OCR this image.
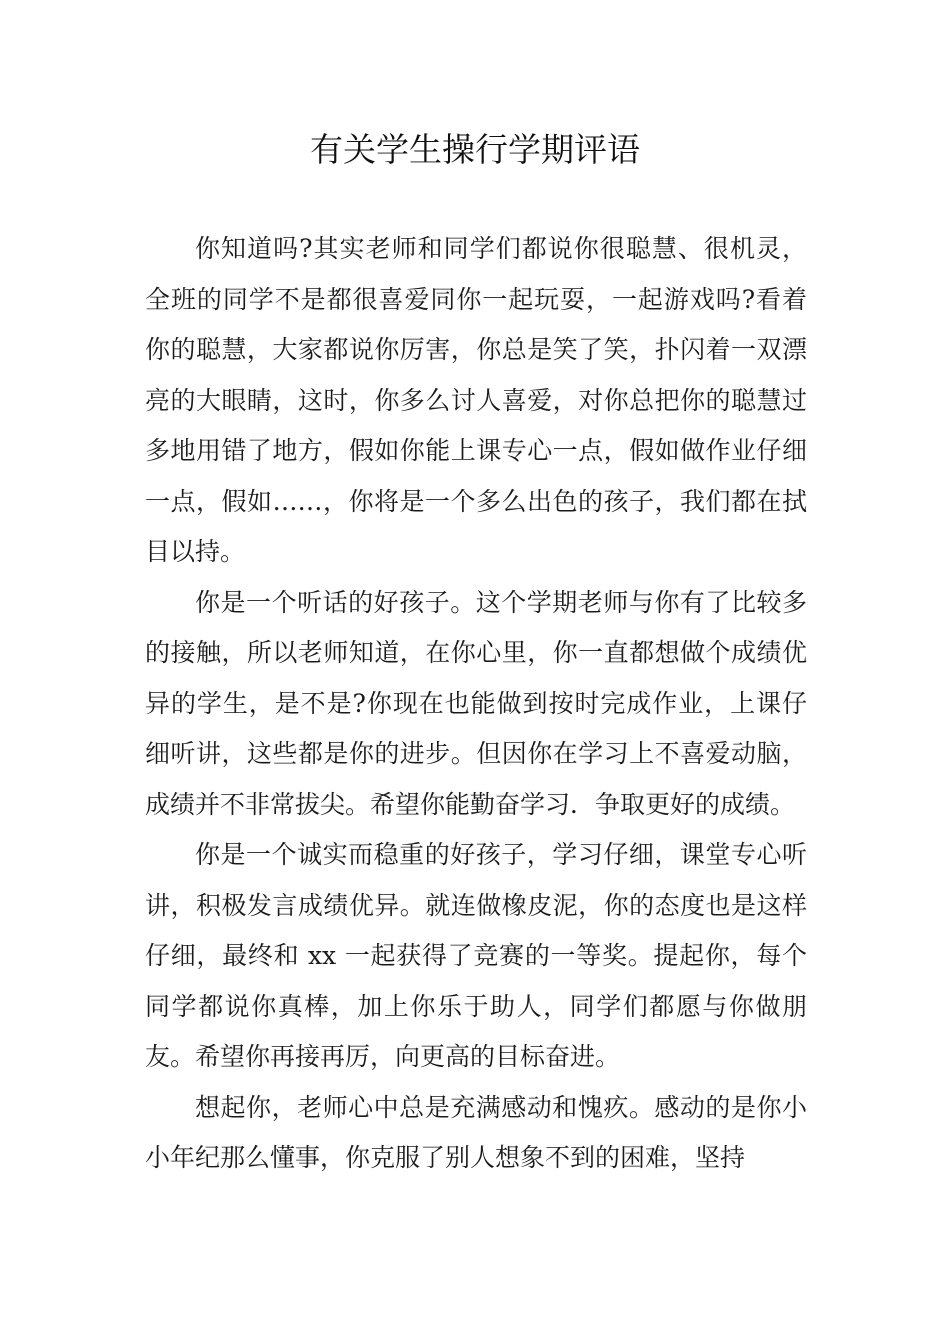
有关学生操行学期评语

你知道吗?其实老师和同学们都说你很聪慧、很机灵，全班的同学不是都很喜爱同你一起玩耍，一起游戏吗?看着你的聪慧，大家都说你厉害，你总是笑了笑，扑闪着一双漂亮的大眼睛，这时，你多么讨人喜爱，对你总把你的聪慧过多地用错了地方，假如你能上课专心一点，假如做作业仔细一点，假如……，你将是一个多么出色的孩子，我们都在拭目以持。

你是一个听话的好孩子。这个学期老师与你有了比较多的接触，所以老师知道，在你心里，你一直都想做个成绩优异的学生，是不是?你现在也能做到按时完成作业，上课仔细听讲，这些都是你的进步。但因你在学习上不喜爱动脑，成绩并不非常拔尖。希望你能勤奋学习．争取更好的成绩。

你是一个诚实而稳重的好孩子，学习仔细，课堂专心听讲，积极发言成绩优异。就连做橡皮泥，你的态度也是这样仔细，最终和 xx 一起获得了竞赛的一等奖。提起你，每个同学都说你真棒，加上你乐于助人，同学们都愿与你做朋友。希望你再接再厉，向更高的目标奋进。

想起你，老师心中总是充满感动和愧疚。感动的是你小小年纪那么懂事，你克服了别人想象不到的困难，坚持
